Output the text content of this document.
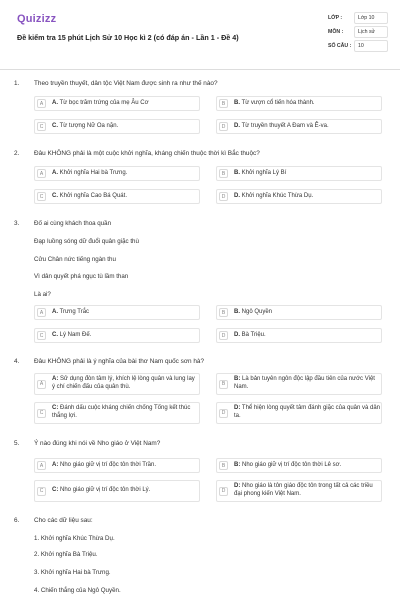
Quizizz
Đề kiểm tra 15 phút Lịch Sử 10 Học kì 2 (có đáp án - Lần 1 - Đề 4)
LỚP :	Lớp 10
MÔN :	Lịch sử
SỐ CÂU :	10
1. Theo truyền thuyết, dân tộc Việt Nam được sinh ra như thế nào?
A	A. Từ bọc trăm trứng của mẹ Âu Cơ	B	B. Từ vượn cổ tiến hóa thành.
C	C. Từ tượng Nữ Oa nặn.	D	D. Từ truyền thuyết A Đam và Ê-va.
2. Đâu KHÔNG phải là một cuộc khởi nghĩa, kháng chiến thuộc thời kì Bắc thuộc?
A	A. Khởi nghĩa Hai bà Trưng.	B	B. Khởi nghĩa Lý Bí
C	C. Khởi nghĩa Cao Bá Quát.	D	D. Khởi nghĩa Khúc Thừa Dụ.
3. Đố ai cùng khách thoa quần
Đạp luồng sóng dữ đuổi quân giặc thù
Cửu Chân nức tiếng ngàn thu
Vì dân quyết phá ngục tù lầm than
Là ai?
A	A. Trưng Trắc	B	B. Ngô Quyền
C	C. Lý Nam Đế.	D	D. Bà Triệu.
4. Đâu KHÔNG phải là ý nghĩa của bài thơ Nam quốc sơn hà?
A
A: Sử dụng đòn tâm lý, khích lệ lòng quân và lung lay ý chí chiến đấu của quân thù.	B
B: Là bản tuyên ngôn độc lập đầu tiên của nước Việt Nam.
C
C: Đánh dấu cuộc kháng chiến chống Tống kết thúc thắng lợi.	D
D: Thể hiện lòng quyết tâm đánh giặc của quân và dân ta.
5. Ý nào đúng khi nói về Nho giáo ở Việt Nam?
A	A: Nho giáo giữ vị trí độc tôn thời Trần.	B	B: Nho giáo giữ vị trí độc tôn thời Lê sơ.
C	C: Nho giáo giữ vị trí độc tôn thời Lý.	D
D: Nho giáo là tôn giáo độc tôn trong tất cả các triều đại phong kiến Việt Nam.
6. Cho các dữ liệu sau:
1. Khởi nghĩa Khúc Thừa Dụ.
2. Khởi nghĩa Bà Triệu.
3. Khởi nghĩa Hai bà Trưng.
4. Chiến thắng của Ngô Quyền.
